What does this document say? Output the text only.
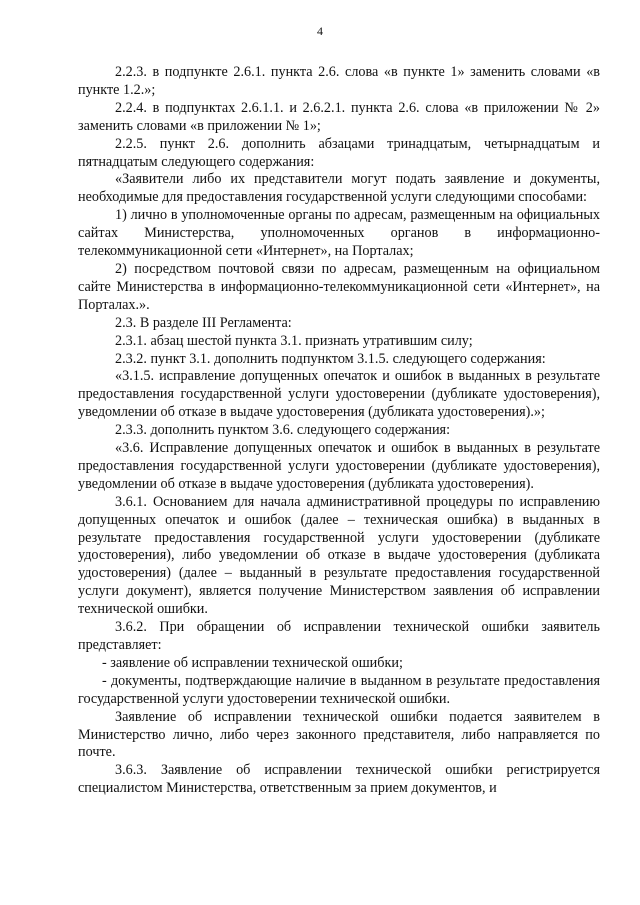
4

2.2.3. в подпункте 2.6.1. пункта 2.6. слова «в пункте 1» заменить словами «в пункте 1.2.»;

2.2.4. в подпунктах 2.6.1.1. и 2.6.2.1. пункта 2.6. слова «в приложении № 2» заменить словами «в приложении № 1»;

2.2.5. пункт 2.6. дополнить абзацами тринадцатым, четырнадцатым и пятнадцатым следующего содержания:

«Заявители либо их представители могут подать заявление и документы, необходимые для предоставления государственной услуги следующими способами:

1) лично в уполномоченные органы по адресам, размещенным на официальных сайтах Министерства, уполномоченных органов в информационно-телекоммуникационной сети «Интернет», на Порталах;

2) посредством почтовой связи по адресам, размещенным на официальном сайте Министерства в информационно-телекоммуникационной сети «Интернет», на Порталах.».

2.3. В разделе III Регламента:

2.3.1. абзац шестой пункта 3.1. признать утратившим силу;

2.3.2. пункт 3.1. дополнить подпунктом 3.1.5. следующего содержания:

«3.1.5. исправление допущенных опечаток и ошибок в выданных в результате предоставления государственной услуги удостоверении (дубликате удостоверения), уведомлении об отказе в выдаче удостоверения (дубликата удостоверения).»;

2.3.3. дополнить пунктом 3.6. следующего содержания:

«3.6. Исправление допущенных опечаток и ошибок в выданных в результате предоставления государственной услуги удостоверении (дубликате удостоверения), уведомлении об отказе в выдаче удостоверения (дубликата удостоверения).

3.6.1. Основанием для начала административной процедуры по исправлению допущенных опечаток и ошибок (далее – техническая ошибка) в выданных в результате предоставления государственной услуги удостоверении (дубликате удостоверения), либо уведомлении об отказе в выдаче удостоверения (дубликата удостоверения) (далее – выданный в результате предоставления государственной услуги документ), является получение Министерством заявления об исправлении технической ошибки.

3.6.2. При обращении об исправлении технической ошибки заявитель представляет:

- заявление об исправлении технической ошибки;

- документы, подтверждающие наличие в выданном в результате предоставления государственной услуги удостоверении технической ошибки.

Заявление об исправлении технической ошибки подается заявителем в Министерство лично, либо через законного представителя, либо направляется по почте.

3.6.3. Заявление об исправлении технической ошибки регистрируется специалистом Министерства, ответственным за прием документов, и
